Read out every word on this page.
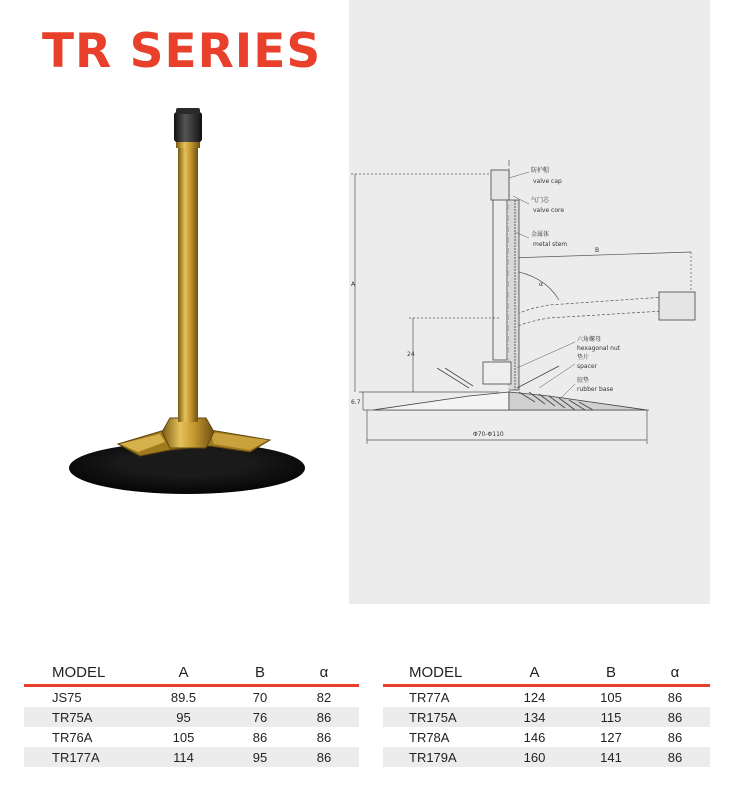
TR SERIES
防护帽
valve cap
气门芯
valve core
金属体
metal stem
六角螺母
hexagonal nut
垫片
spacer
胶垫
rubber base
A
B
α
24
6.7
Φ70-Φ110
MODEL	A	B	α
JS75	89.5	70	82
TR75A	95	76	86
TR76A	105	86	86
TR177A	114	95	86
MODEL	A	B	α
TR77A	124	105	86
TR175A	134	115	86
TR78A	146	127	86
TR179A	160	141	86
